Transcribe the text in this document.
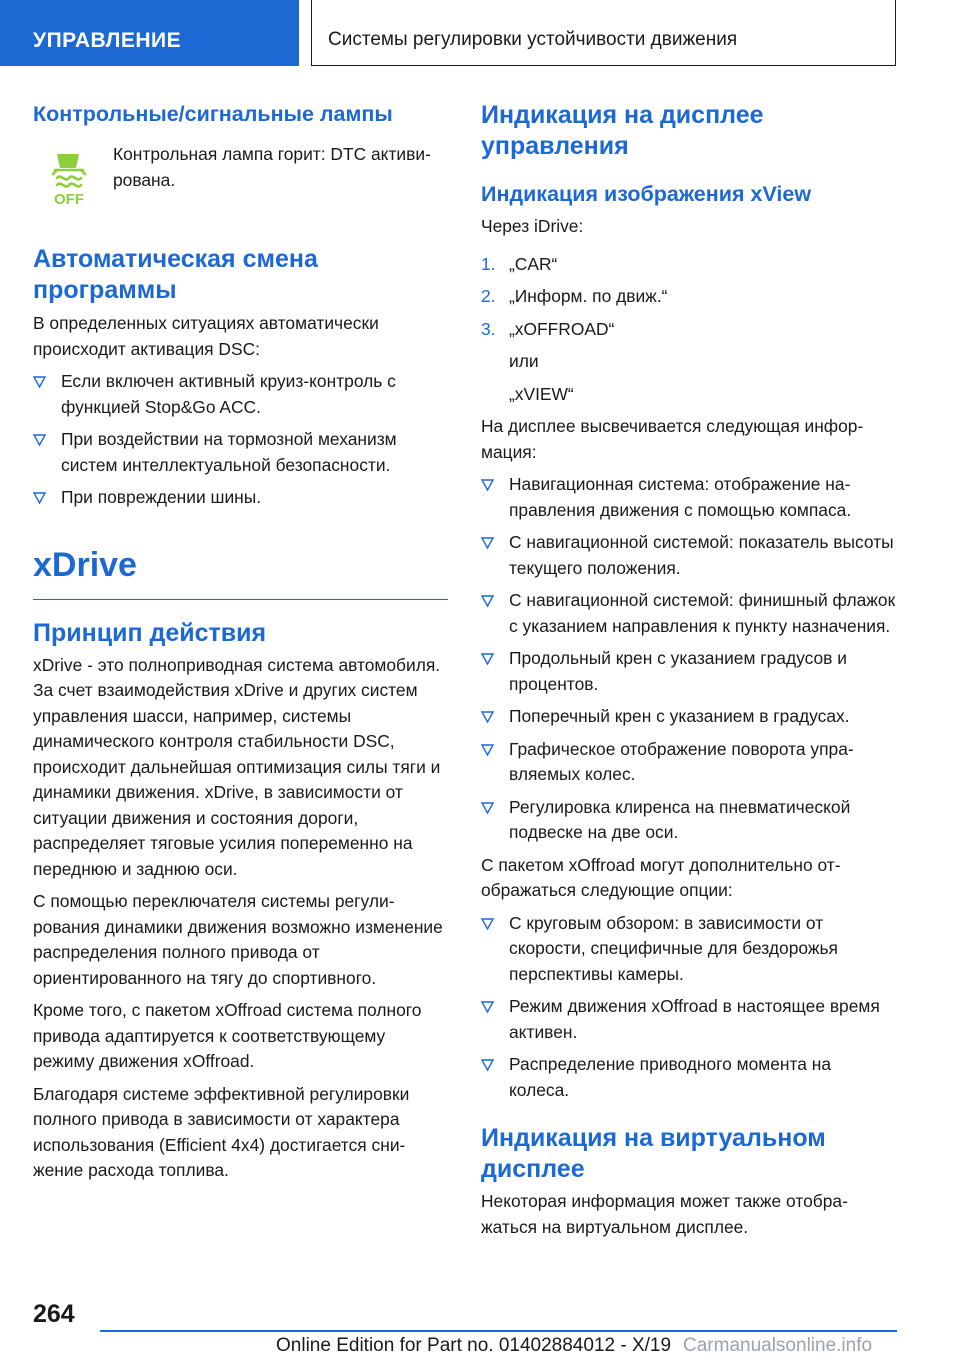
УПРАВЛЕНИЕ	Системы регулировки устойчивости движения
Контрольные/сигнальные лампы
OFF

Контрольная лампа горит: DTC активирована.

Автоматическая смена программы

В определенных ситуациях автоматически происходит активация DSC:

Если включен активный круиз-контроль с функцией Stop&Go ACC.
При воздействии на тормозной механизм систем интеллектуальной безопасности.
При повреждении шины.
xDrive
Принцип действия

xDrive - это полноприводная система автомобиля. За счет взаимодействия xDrive и других систем управления шасси, например, системы динамического контроля стабильности DSC, происходит дальнейшая оптимизация силы тяги и динамики движения. xDrive, в зависимости от ситуации движения и состояния дороги, распределяет тяговые усилия попеременно на переднюю и заднюю оси.

С помощью переключателя системы регулирования динамики движения возможно изменение распределения полного привода от ориентированного на тягу до спортивного.

Кроме того, с пакетом xOffroad система полного привода адаптируется к соответствующему режиму движения xOffroad.

Благодаря системе эффективной регулировки полного привода в зависимости от характера использования (Efficient 4x4) достигается снижение расхода топлива.

Индикация на дисплее управления
Индикация изображения xView

Через iDrive:

1. „CAR“
2. „Информ. по движ.“
3. „xOFFROAD“
или
„xVIEW“

На дисплее высвечивается следующая информация:

Навигационная система: отображение направления движения с помощью компаса.
С навигационной системой: показатель высоты текущего положения.
С навигационной системой: финишный флажок с указанием направления к пункту назначения.
Продольный крен с указанием градусов и процентов.
Поперечный крен с указанием в градусах.
Графическое отображение поворота управляемых колес.
Регулировка клиренса на пневматической подвеске на две оси.

С пакетом xOffroad могут дополнительно отображаться следующие опции:

С круговым обзором: в зависимости от скорости, специфичные для бездорожья перспективы камеры.
Режим движения xOffroad в настоящее время активен.
Распределение приводного момента на колеса.
Индикация на виртуальном дисплее

Некоторая информация может также отображаться на виртуальном дисплее.

264
Online Edition for Part no. 01402884012 - X/19 Carmanualsonline.info
